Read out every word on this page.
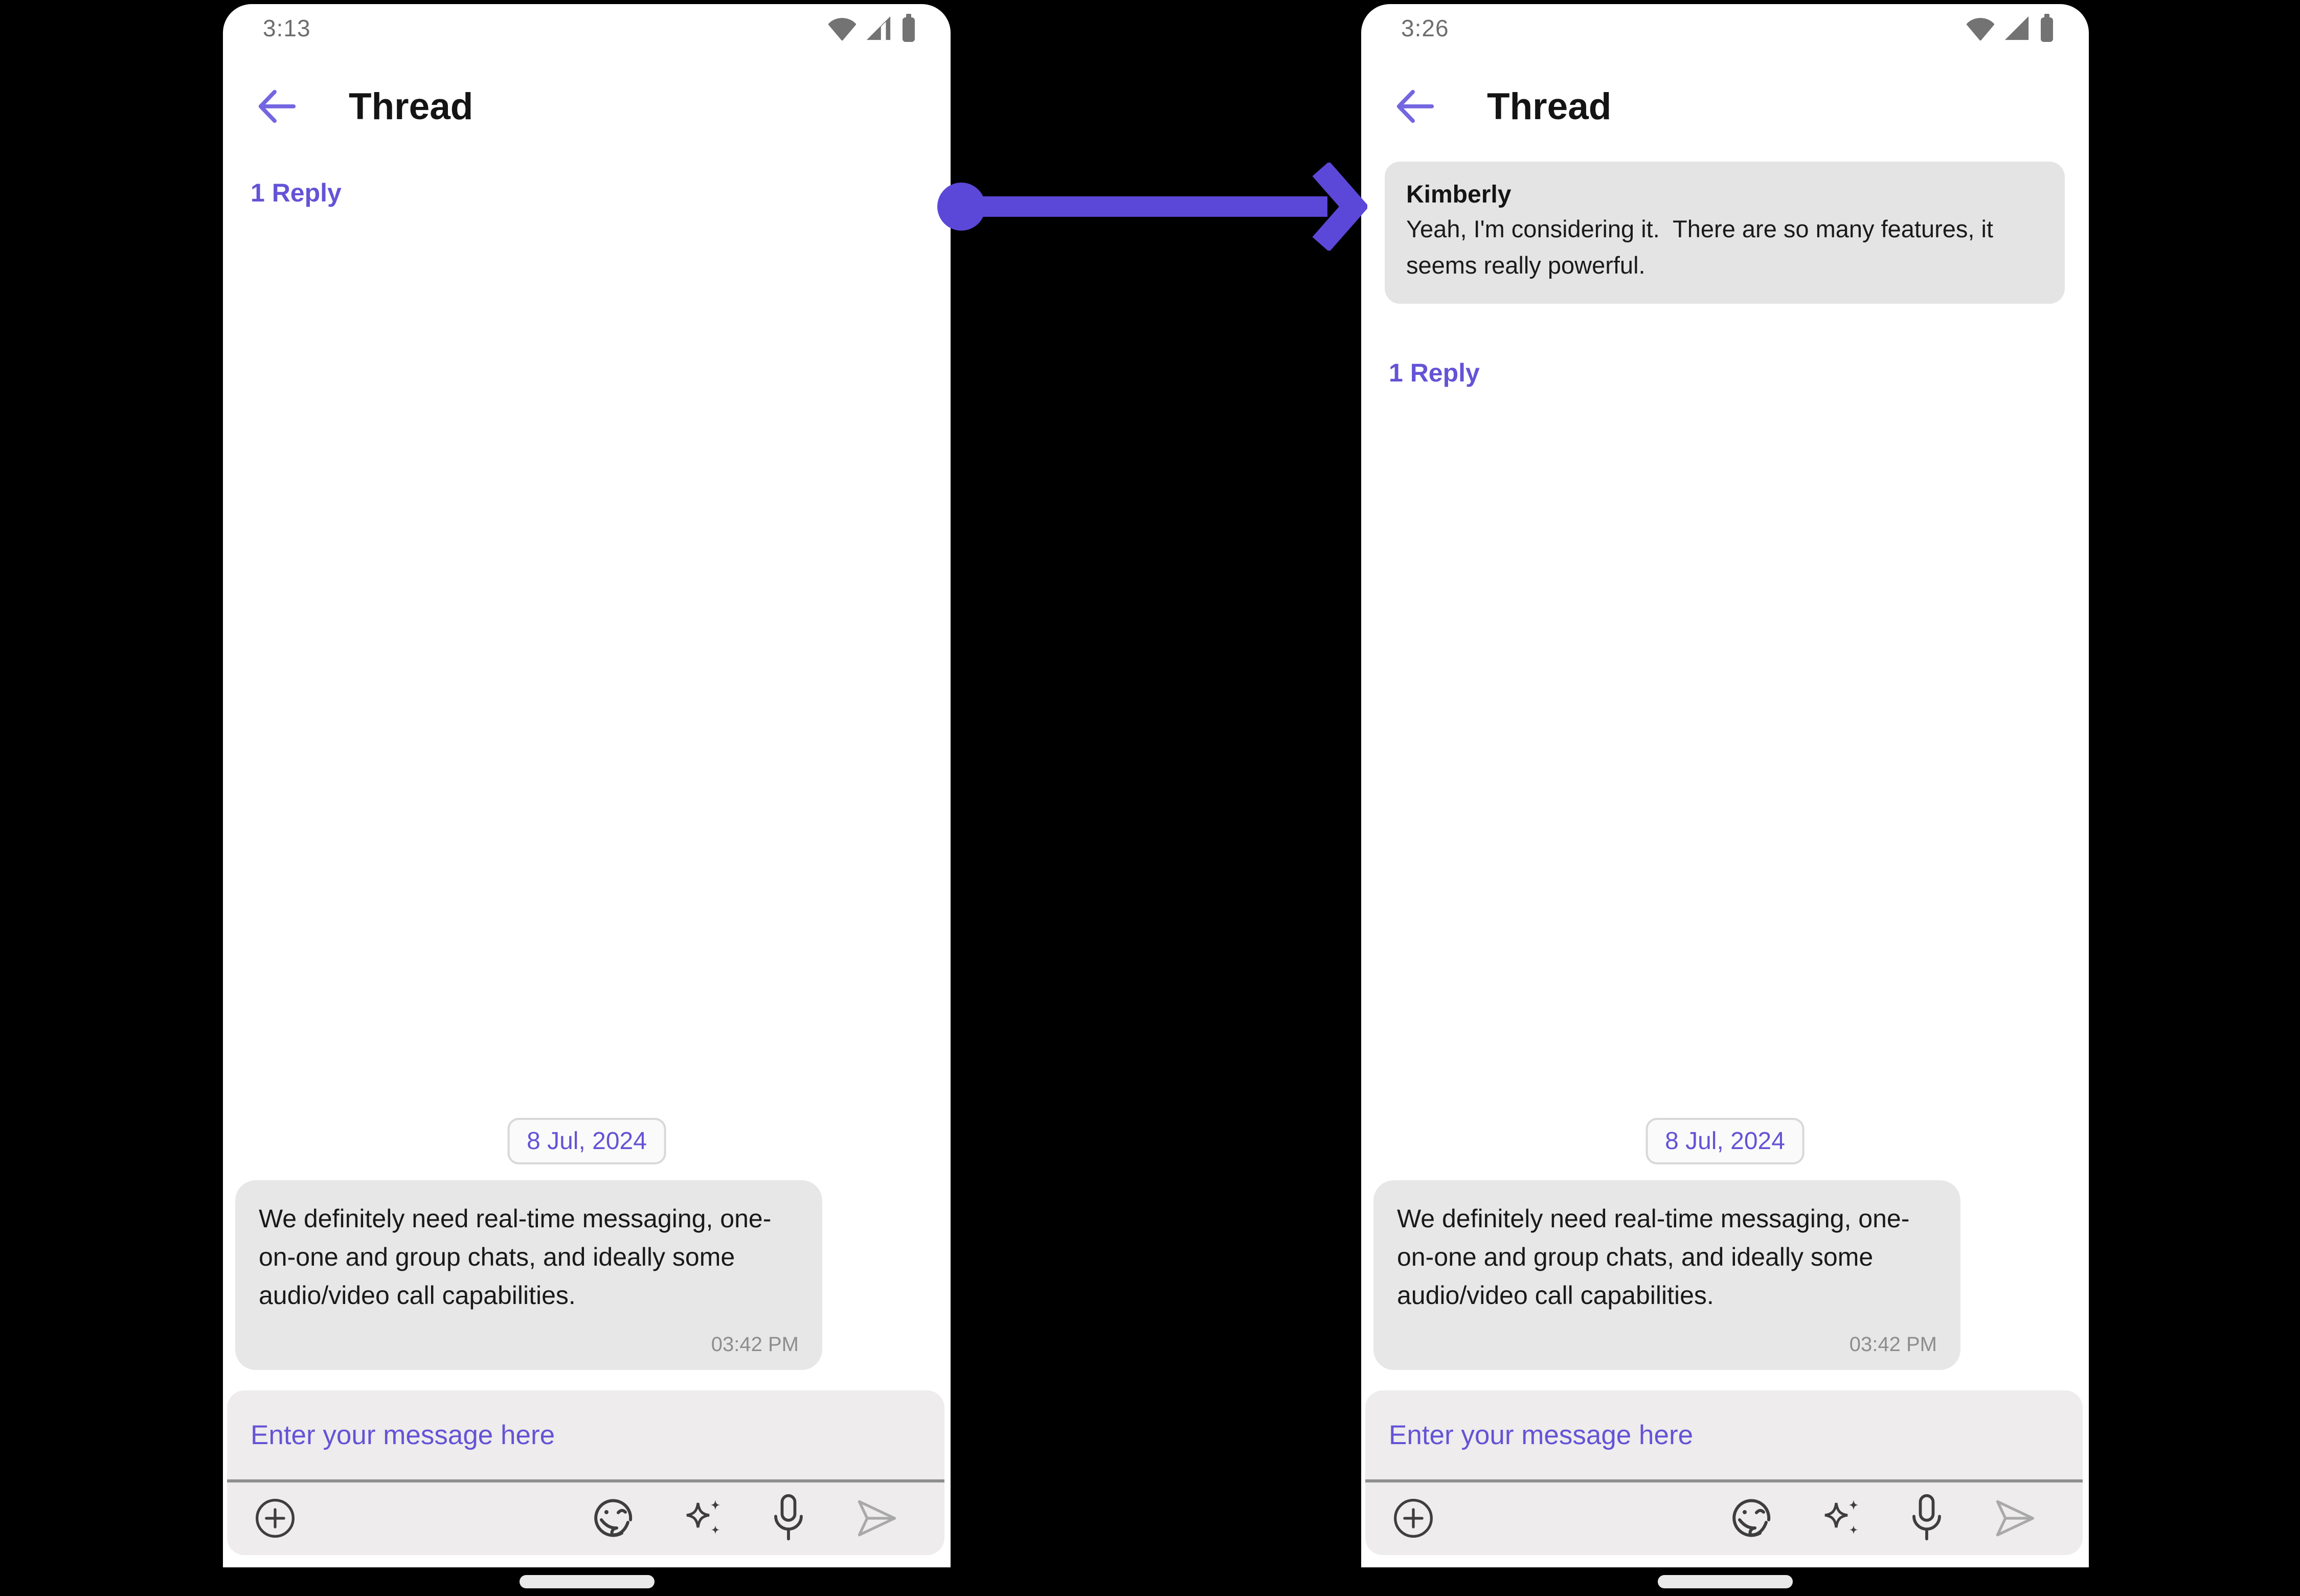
3:13
Thread
1 Reply
8 Jul, 2024
We definitely need real-time messaging, one-on-one and group chats, and ideally some audio/video call capabilities.
03:42 PM
Enter your message here
3:26
Thread
Kimberly
Yeah, I'm considering it.  There are so many features, it seems really powerful.
1 Reply
8 Jul, 2024
We definitely need real-time messaging, one-on-one and group chats, and ideally some audio/video call capabilities.
03:42 PM
Enter your message here
